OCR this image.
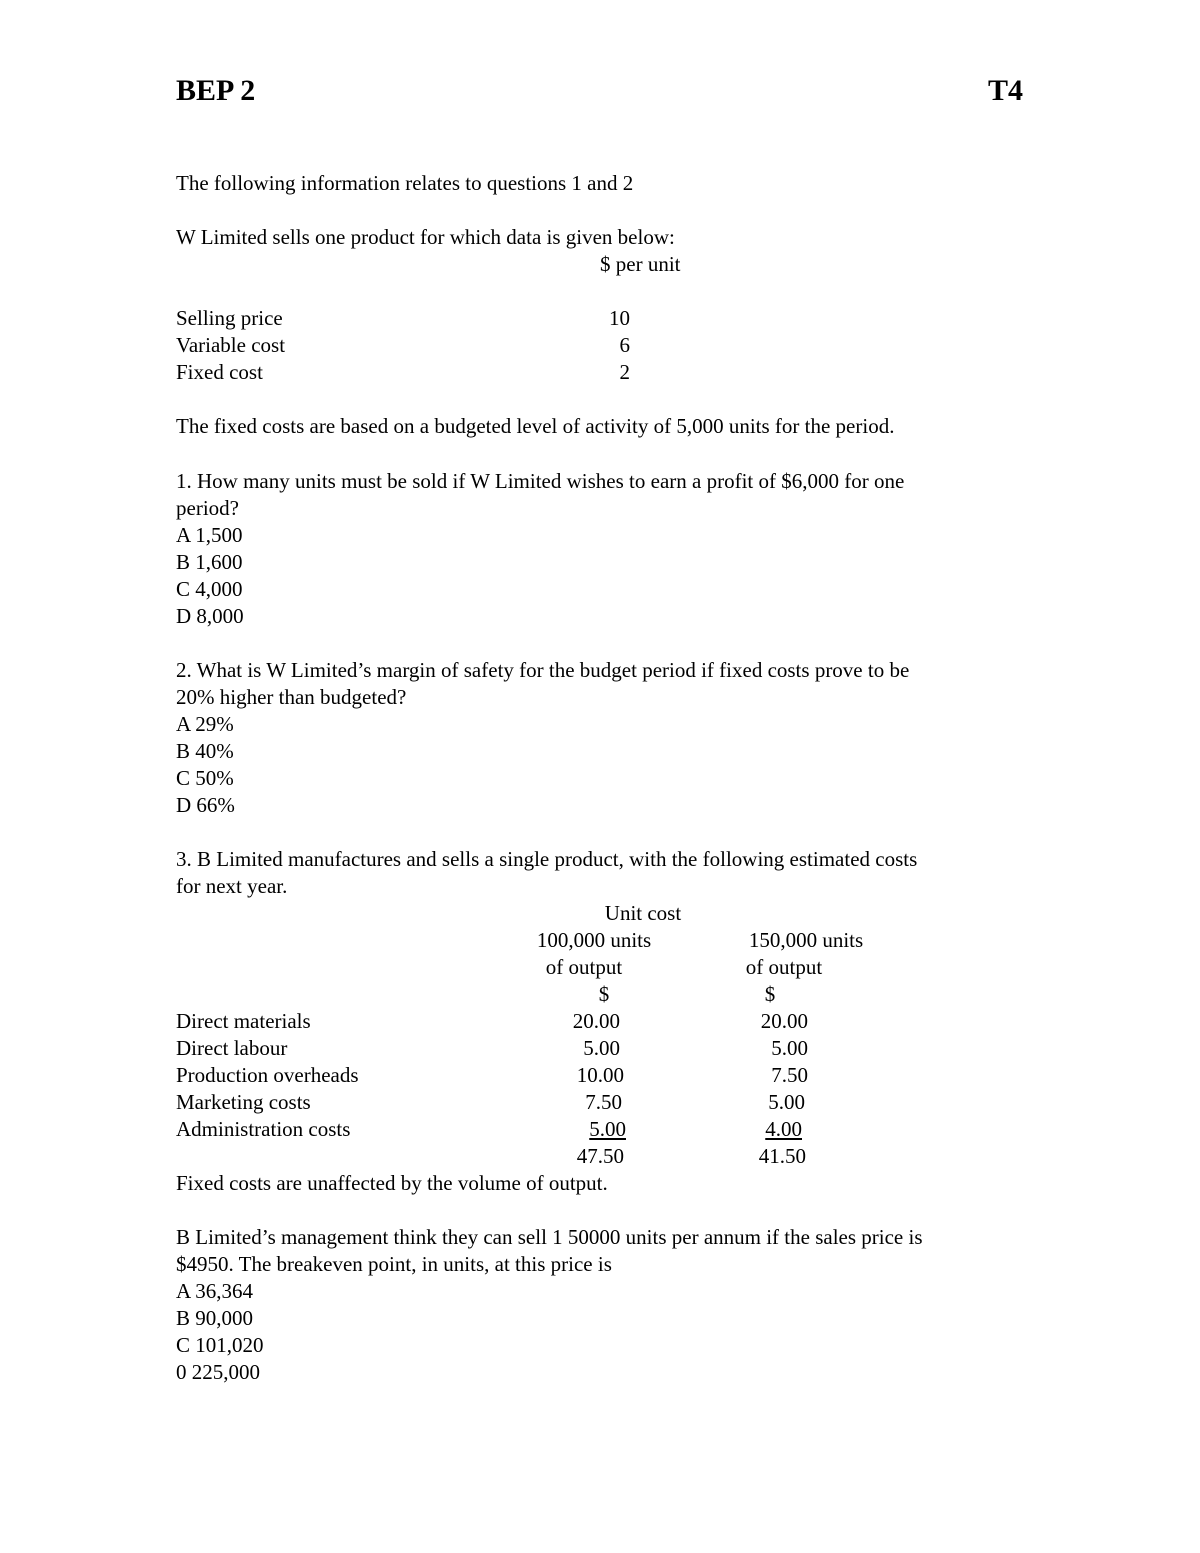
BEP 2	T4
The following information relates to questions 1 and 2
W Limited sells one product for which data is given below:
$ per unit
Selling price	10
Variable cost	6
Fixed cost	2
The fixed costs are based on a budgeted level of activity of 5,000 units for the period.
1. How many units must be sold if W Limited wishes to earn a profit of $6,000 for one
period?
A 1,500
B 1,600
C 4,000
D 8,000
2. What is W Limited’s margin of safety for the budget period if fixed costs prove to be
20% higher than budgeted?
A 29%
B 40%
C 50%
D 66%
3. B Limited manufactures and sells a single product, with the following estimated costs
for next year.
Unit cost
100,000 units
of output
$
150,000 units
of output
$
Direct materials	20.00	20.00
Direct labour	5.00	5.00
Production overheads	10.00	7.50
Marketing costs	7.50	5.00
Administration costs	5.00	4.00
47.50	41.50
Fixed costs are unaffected by the volume of output.
B Limited’s management think they can sell 1 50000 units per annum if the sales price is
$4950. The breakeven point, in units, at this price is
A 36,364
B 90,000
C 101,020
0 225,000
